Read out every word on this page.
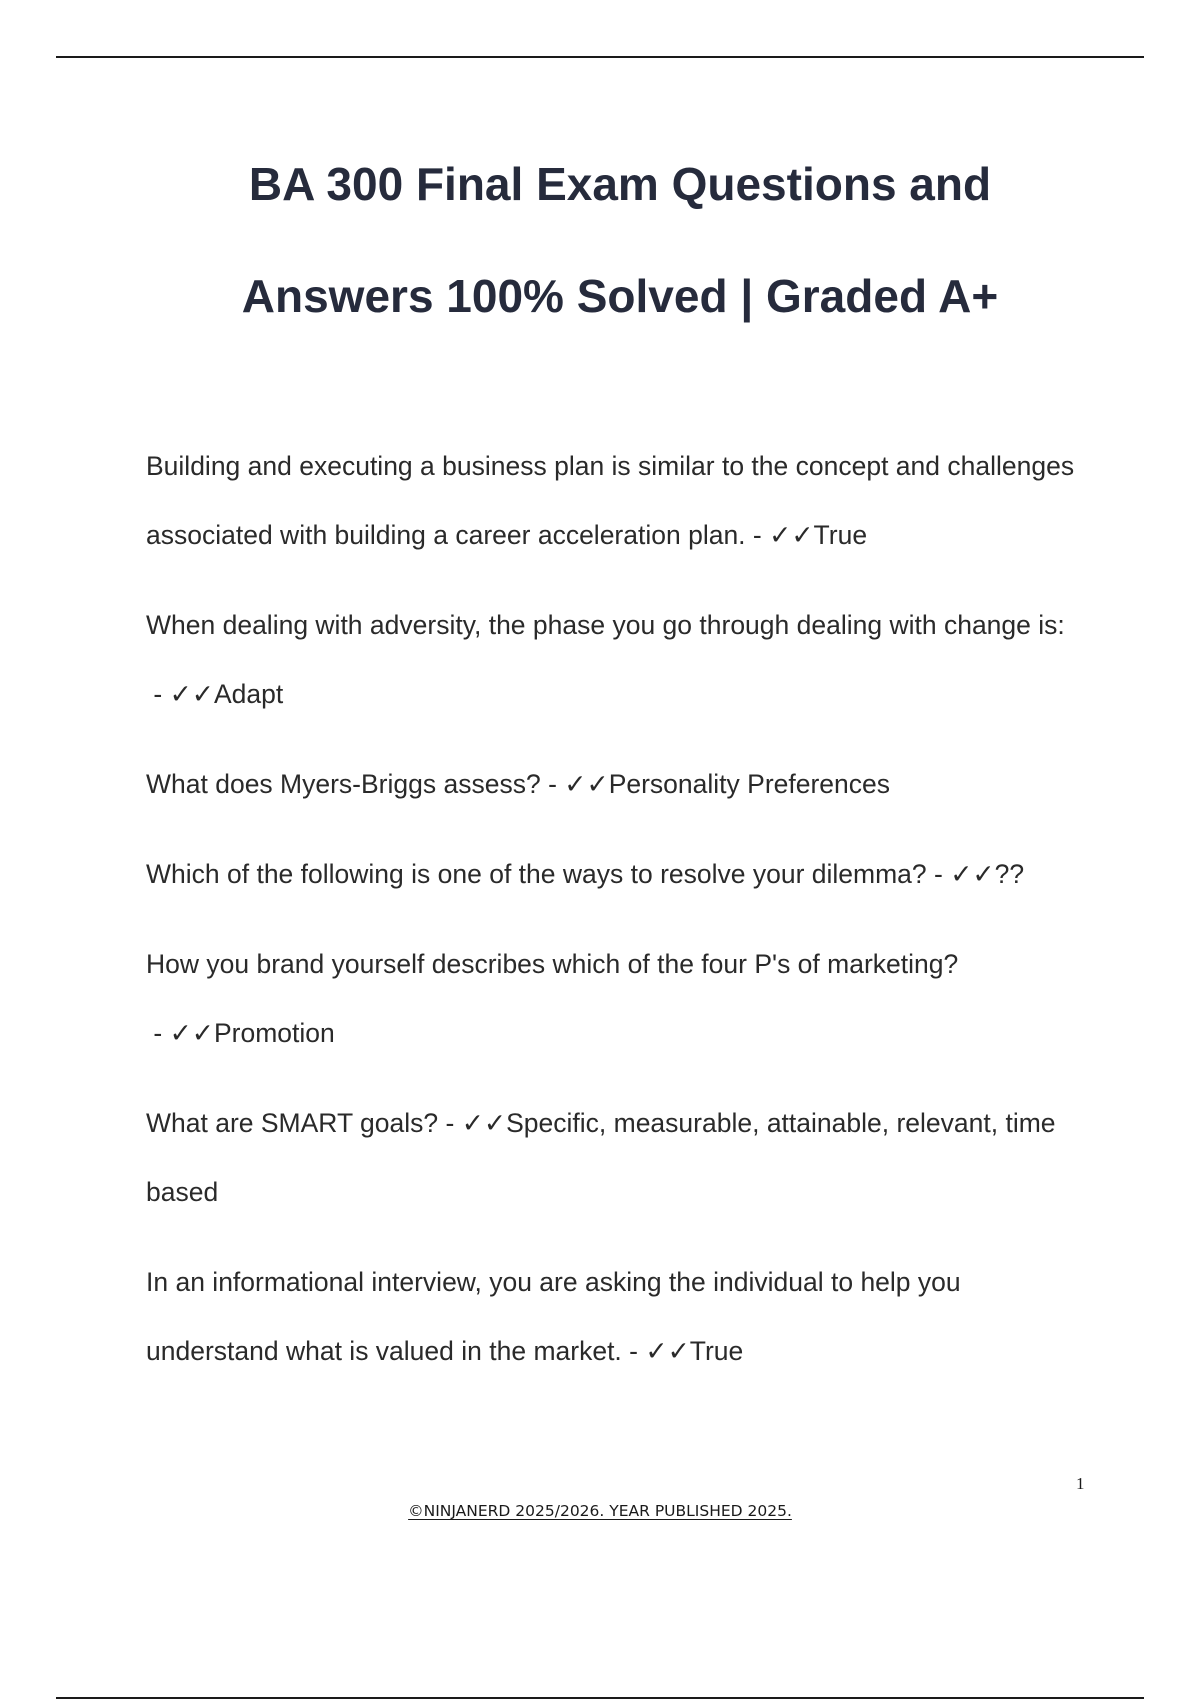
BA 300 Final Exam Questions and
Answers 100% Solved | Graded A+
Building and executing a business plan is similar to the concept and challenges associated with building a career acceleration plan. - ✓✓True
When dealing with adversity, the phase you go through dealing with change is: - ✓✓Adapt
What does Myers-Briggs assess? - ✓✓Personality Preferences
Which of the following is one of the ways to resolve your dilemma? - ✓✓??
How you brand yourself describes which of the four P's of marketing? - ✓✓Promotion
What are SMART goals? - ✓✓Specific, measurable, attainable, relevant, time based
In an informational interview, you are asking the individual to help you understand what is valued in the market. - ✓✓True
1
©NINJANERD 2025/2026. YEAR PUBLISHED 2025.
